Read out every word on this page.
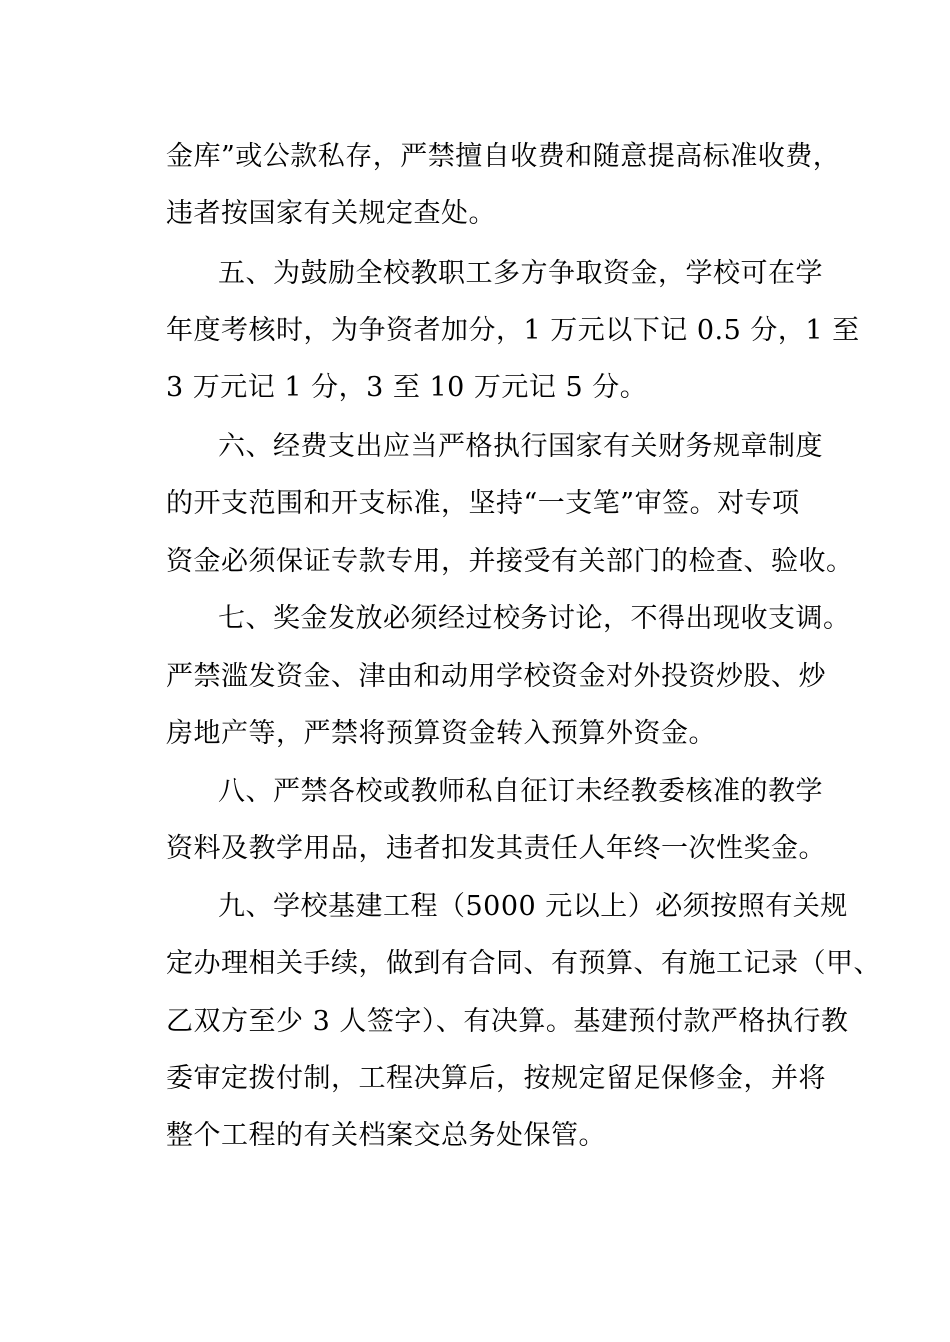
金库”或公款私存，严禁擅自收费和随意提高标准收费，
违者按国家有关规定查处。
五、为鼓励全校教职工多方争取资金，学校可在学
年度考核时，为争资者加分，1 万元以下记 0.5 分，1 至
3 万元记 1 分，3 至 10 万元记 5 分。
六、经费支出应当严格执行国家有关财务规章制度
的开支范围和开支标准，坚持“一支笔”审签。对专项
资金必须保证专款专用，并接受有关部门的检查、验收。
七、奖金发放必须经过校务讨论，不得出现收支调。
严禁滥发资金、津由和动用学校资金对外投资炒股、炒
房地产等，严禁将预算资金转入预算外资金。
八、严禁各校或教师私自征订未经教委核准的教学
资料及教学用品，违者扣发其责任人年终一次性奖金。
九、学校基建工程（5000 元以上）必须按照有关规
定办理相关手续，做到有合同、有预算、有施工记录（甲、
乙双方至少 3 人签字）、有决算。基建预付款严格执行教
委审定拨付制，工程决算后，按规定留足保修金，并将
整个工程的有关档案交总务处保管。
